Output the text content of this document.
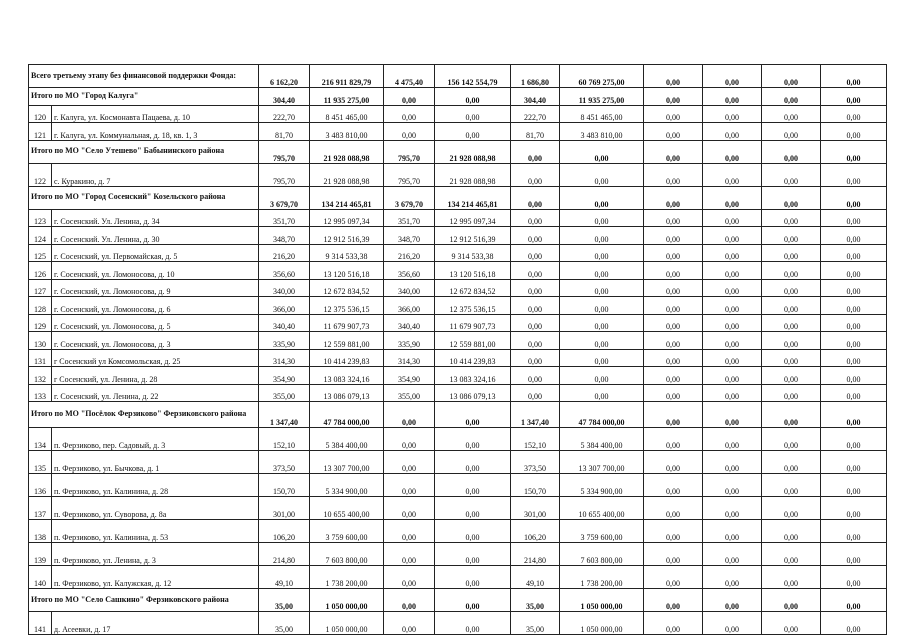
Всего третьему этапу без финансовой поддержки Фонда:		6 162,20	216 911 829,79	4 475,40	156 142 554,79	1 686,80	60 769 275,00	0,00	0,00	0,00	0,00
Итого по МО "Город Калуга"		304,40	11 935 275,00	0,00	0,00	304,40	11 935 275,00	0,00	0,00	0,00	0,00
120	г. Калуга, ул. Космонавта Пацаева, д. 10	222,70	8 451 465,00	0,00	0,00	222,70	8 451 465,00	0,00	0,00	0,00	0,00
121	г. Калуга, ул. Коммунальная, д. 18, кв. 1, 3	81,70	3 483 810,00	0,00	0,00	81,70	3 483 810,00	0,00	0,00	0,00	0,00
Итого по МО "Село Утешево" Бабынинского района		795,70	21 928 088,98	795,70	21 928 088,98	0,00	0,00	0,00	0,00	0,00	0,00
122	с. Куракино, д. 7	795,70	21 928 088,98	795,70	21 928 088,98	0,00	0,00	0,00	0,00	0,00	0,00
Итого по МО "Город Сосенский" Козельского района		3 679,70	134 214 465,81	3 679,70	134 214 465,81	0,00	0,00	0,00	0,00	0,00	0,00
123	г. Сосенский. Ул. Ленина, д. 34	351,70	12 995 097,34	351,70	12 995 097,34	0,00	0,00	0,00	0,00	0,00	0,00
124	г. Сосенский. Ул. Ленина, д. 30	348,70	12 912 516,39	348,70	12 912 516,39	0,00	0,00	0,00	0,00	0,00	0,00
125	г. Сосенский, ул. Первомайская, д. 5	216,20	9 314 533,38	216,20	9 314 533,38	0,00	0,00	0,00	0,00	0,00	0,00
126	г. Сосенский, ул. Ломоносова, д. 10	356,60	13 120 516,18	356,60	13 120 516,18	0,00	0,00	0,00	0,00	0,00	0,00
127	г. Сосенский, ул. Ломоносова, д. 9	340,00	12 672 834,52	340,00	12 672 834,52	0,00	0,00	0,00	0,00	0,00	0,00
128	г. Сосенский, ул. Ломоносова, д. 6	366,00	12 375 536,15	366,00	12 375 536,15	0,00	0,00	0,00	0,00	0,00	0,00
129	г. Сосенский, ул. Ломоносова, д. 5	340,40	11 679 907,73	340,40	11 679 907,73	0,00	0,00	0,00	0,00	0,00	0,00
130	г. Сосенский, ул. Ломоносова, д. 3	335,90	12 559 881,00	335,90	12 559 881,00	0,00	0,00	0,00	0,00	0,00	0,00
131	г Сосенский ул Комсомольская, д. 25	314,30	10 414 239,83	314,30	10 414 239,83	0,00	0,00	0,00	0,00	0,00	0,00
132	г Сосенский, ул. Ленина, д. 28	354,90	13 083 324,16	354,90	13 083 324,16	0,00	0,00	0,00	0,00	0,00	0,00
133	г. Сосенский, ул. Ленина, д. 22	355,00	13 086 079,13	355,00	13 086 079,13	0,00	0,00	0,00	0,00	0,00	0,00
Итого по МО "Посёлок Ферзиково" Ферзиковского района		1 347,40	47 784 000,00	0,00	0,00	1 347,40	47 784 000,00	0,00	0,00	0,00	0,00
134	п. Ферзиково, пер. Садовый, д. 3	152,10	5 384 400,00	0,00	0,00	152,10	5 384 400,00	0,00	0,00	0,00	0,00
135	п. Ферзиково, ул. Бычкова, д. 1	373,50	13 307 700,00	0,00	0,00	373,50	13 307 700,00	0,00	0,00	0,00	0,00
136	п. Ферзиково, ул. Калинина, д. 28	150,70	5 334 900,00	0,00	0,00	150,70	5 334 900,00	0,00	0,00	0,00	0,00
137	п. Ферзиково, ул. Суворова, д. 8а	301,00	10 655 400,00	0,00	0,00	301,00	10 655 400,00	0,00	0,00	0,00	0,00
138	п. Ферзиково, ул. Калинина, д. 53	106,20	3 759 600,00	0,00	0,00	106,20	3 759 600,00	0,00	0,00	0,00	0,00
139	п. Ферзиково, ул. Ленина, д. 3	214,80	7 603 800,00	0,00	0,00	214,80	7 603 800,00	0,00	0,00	0,00	0,00
140	п. Ферзиково, ул. Калужская, д. 12	49,10	1 738 200,00	0,00	0,00	49,10	1 738 200,00	0,00	0,00	0,00	0,00
Итого по МО "Село Сашкино" Ферзиковского района		35,00	1 050 000,00	0,00	0,00	35,00	1 050 000,00	0,00	0,00	0,00	0,00
141	д. Асеевки, д. 17	35,00	1 050 000,00	0,00	0,00	35,00	1 050 000,00	0,00	0,00	0,00	0,00
